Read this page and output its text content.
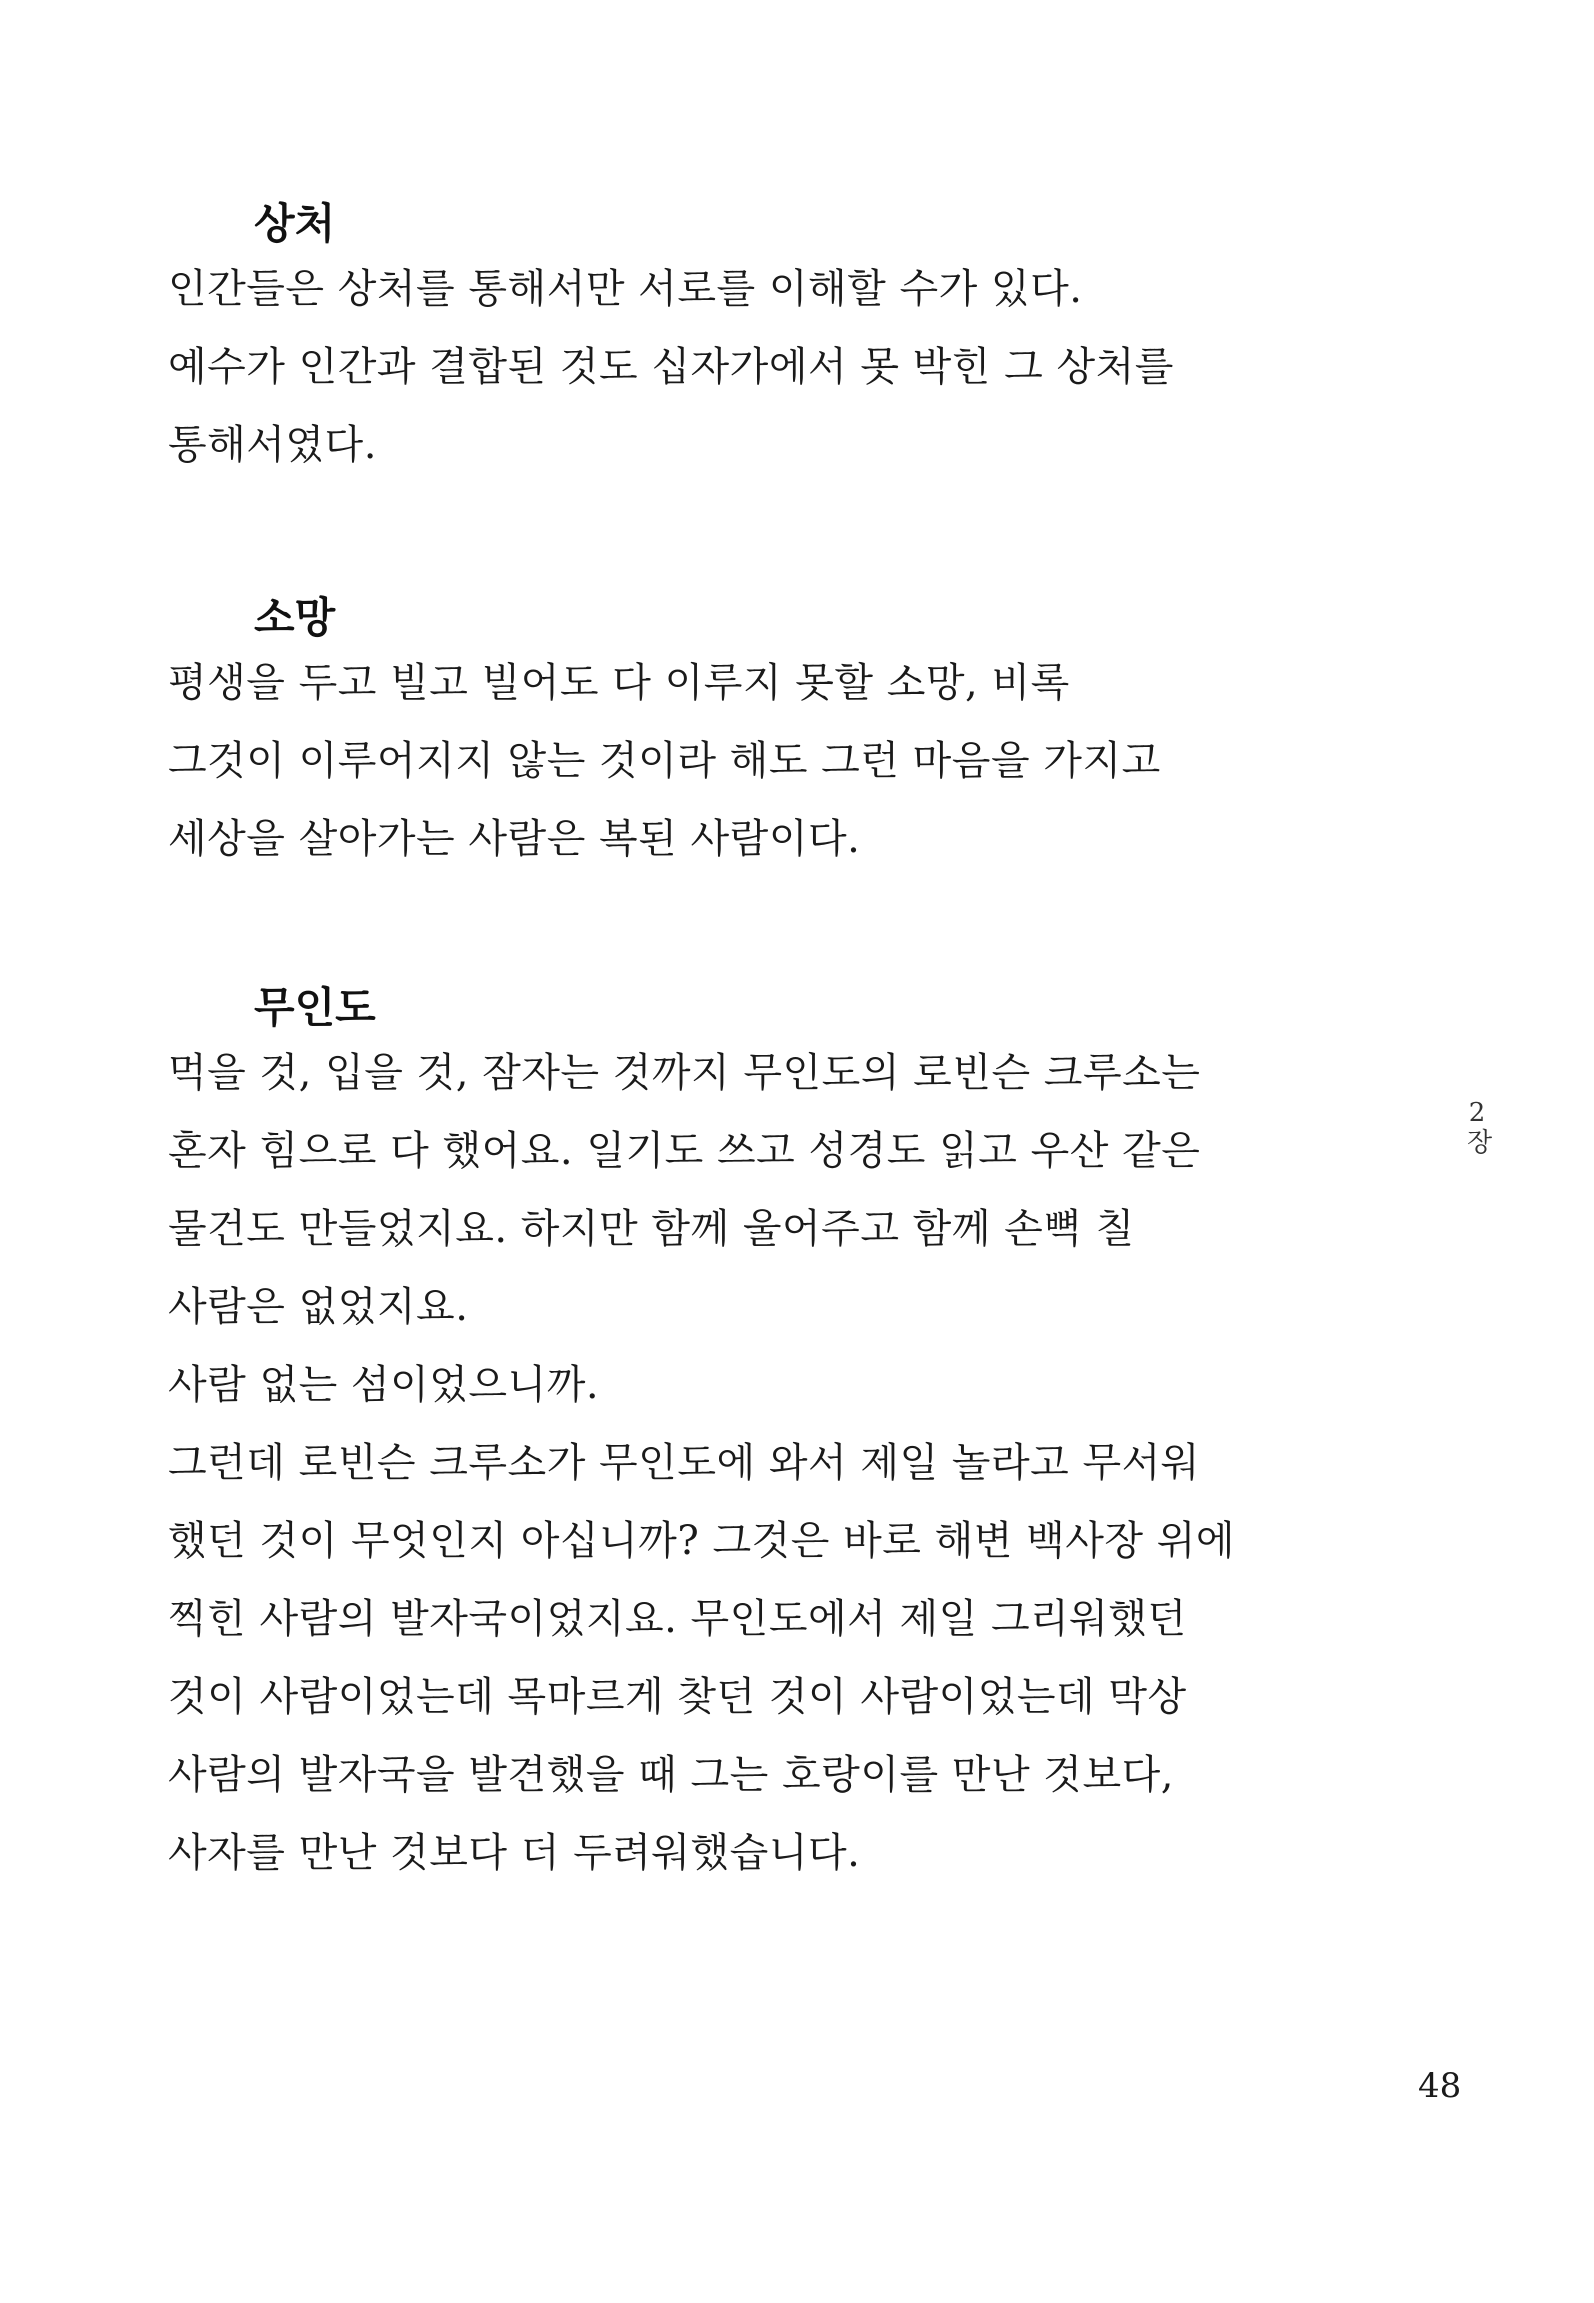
상처

인간들은 상처를 통해서만 서로를 이해할 수가 있다.

예수가 인간과 결합된 것도 십자가에서 못 박힌 그 상처를

통해서였다.

소망

평생을 두고 빌고 빌어도 다 이루지 못할 소망, 비록

그것이 이루어지지 않는 것이라 해도 그런 마음을 가지고

세상을 살아가는 사람은 복된 사람이다.

무인도

먹을 것, 입을 것, 잠자는 것까지 무인도의 로빈슨 크루소는

혼자 힘으로 다 했어요. 일기도 쓰고 성경도 읽고 우산 같은

물건도 만들었지요. 하지만 함께 울어주고 함께 손뼉 칠

사람은 없었지요.

사람 없는 섬이었으니까.

그런데 로빈슨 크루소가 무인도에 와서 제일 놀라고 무서워

했던 것이 무엇인지 아십니까? 그것은 바로 해변 백사장 위에

찍힌 사람의 발자국이었지요. 무인도에서 제일 그리워했던

것이 사람이었는데 목마르게 찾던 것이 사람이었는데 막상

사람의 발자국을 발견했을 때 그는 호랑이를 만난 것보다,

사자를 만난 것보다 더 두려워했습니다.

2장
48
